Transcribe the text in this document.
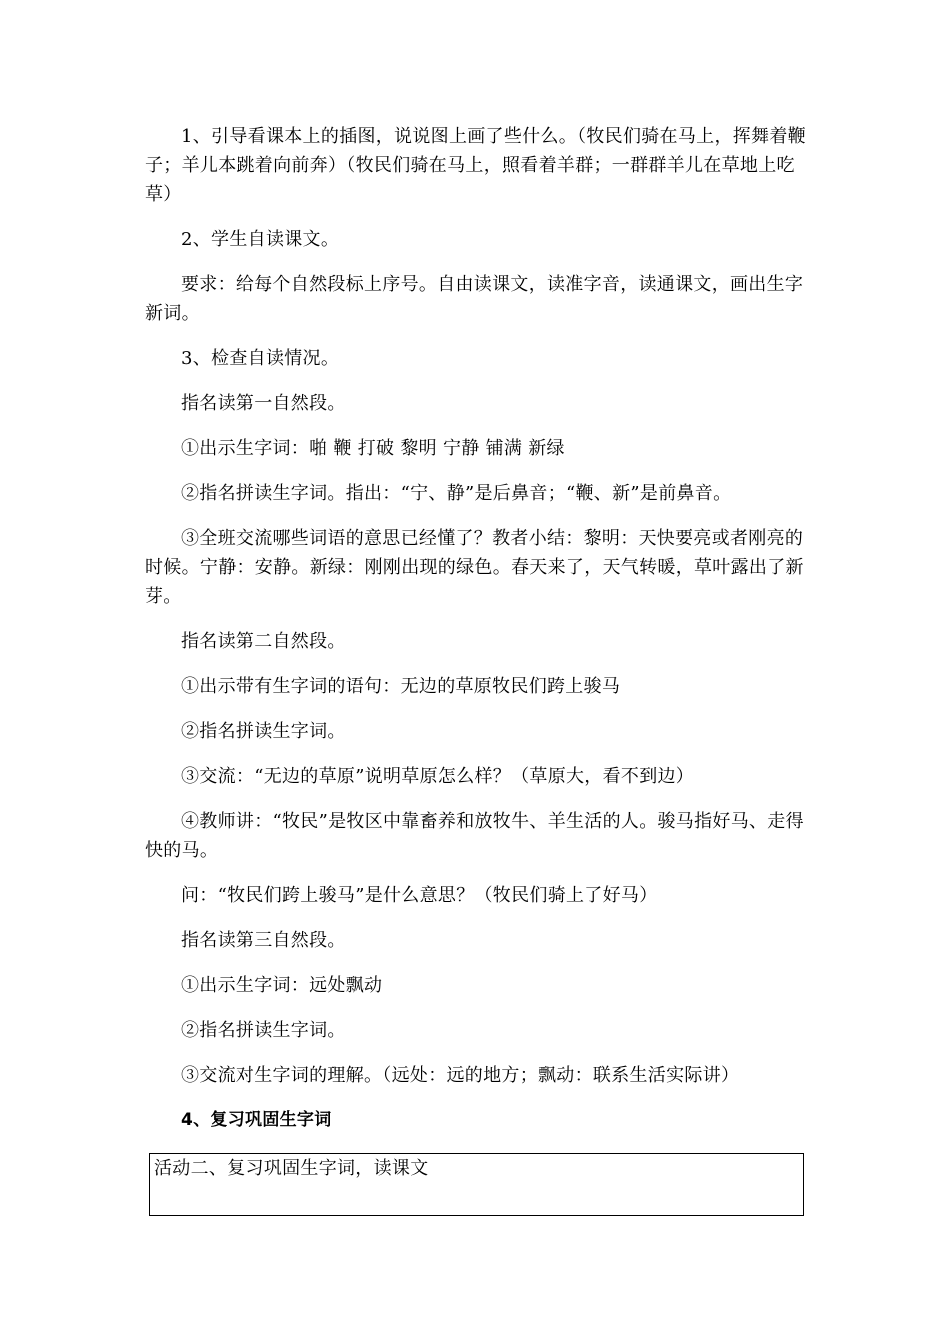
1、引导看课本上的插图，说说图上画了些什么。（牧民们骑在马上，挥舞着鞭子；羊儿本跳着向前奔）（牧民们骑在马上，照看着羊群；一群群羊儿在草地上吃草）

2、学生自读课文。

要求：给每个自然段标上序号。自由读课文，读准字音，读通课文，画出生字新词。

3、检查自读情况。

指名读第一自然段。

①出示生字词：啪 鞭 打破 黎明 宁静 铺满 新绿

②指名拼读生字词。指出：“宁、静”是后鼻音；“鞭、新”是前鼻音。

③全班交流哪些词语的意思已经懂了？教者小结：黎明：天快要亮或者刚亮的时候。宁静：安静。新绿：刚刚出现的绿色。春天来了，天气转暖，草叶露出了新芽。

指名读第二自然段。

①出示带有生字词的语句：无边的草原牧民们跨上骏马

②指名拼读生字词。

③交流：“无边的草原”说明草原怎么样？（草原大，看不到边）

④教师讲：“牧民”是牧区中靠畜养和放牧牛、羊生活的人。骏马指好马、走得快的马。

问：“牧民们跨上骏马”是什么意思？（牧民们骑上了好马）

指名读第三自然段。

①出示生字词：远处飘动

②指名拼读生字词。

③交流对生字词的理解。（远处：远的地方；飘动：联系生活实际讲）

4、复习巩固生字词

活动二、复习巩固生字词，读课文
